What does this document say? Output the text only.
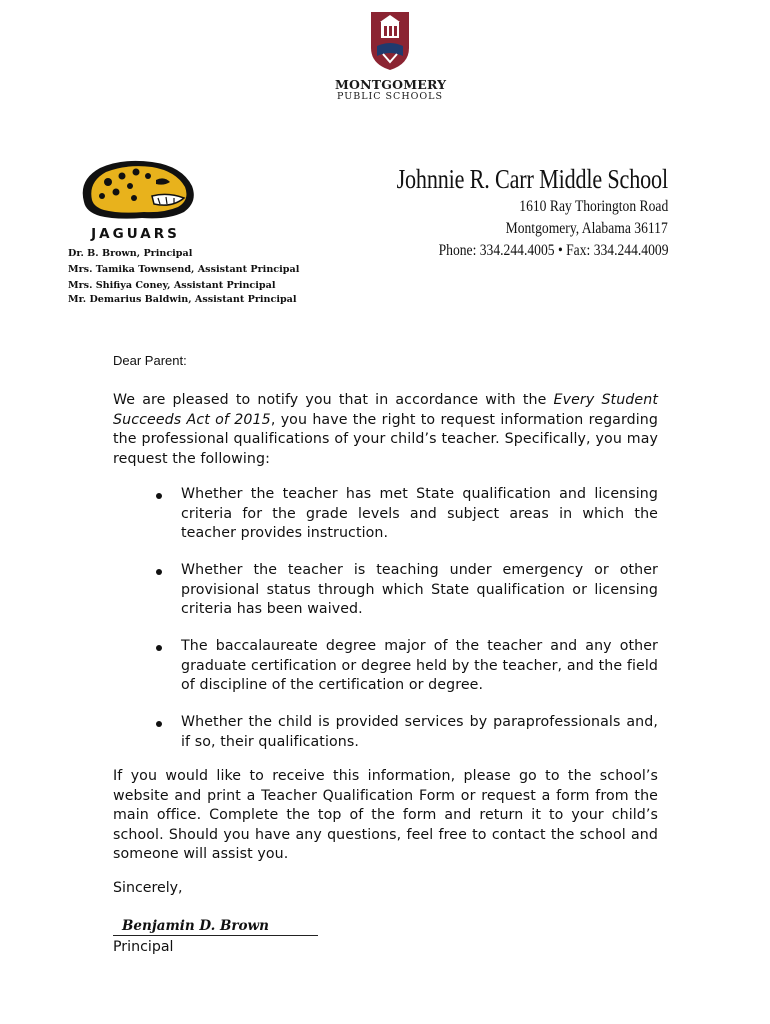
MONTGOMERY
PUBLIC SCHOOLS
JAGUARS
Dr. B. Brown, Principal
Mrs. Tamika Townsend, Assistant Principal
Mrs. Shifiya Coney, Assistant Principal
Mr. Demarius Baldwin, Assistant Principal
Johnnie R. Carr Middle School
1610 Ray Thorington Road
Montgomery, Alabama 36117
Phone: 334.244.4005 • Fax: 334.244.4009
Dear Parent:
We are pleased to notify you that in accordance with the Every Student Succeeds Act of 2015, you have the right to request information regarding the professional qualifications of your child’s teacher. Specifically, you may request the following:
Whether the teacher has met State qualification and licensing criteria for the grade levels and subject areas in which the teacher provides instruction.
Whether the teacher is teaching under emergency or other provisional status through which State qualification or licensing criteria has been waived.
The baccalaureate degree major of the teacher and any other graduate certification or degree held by the teacher, and the field of discipline of the certification or degree.
Whether the child is provided services by paraprofessionals and, if so, their qualifications.
If you would like to receive this information, please go to the school’s website and print a Teacher Qualification Form or request a form from the main office. Complete the top of the form and return it to your child’s school. Should you have any questions, feel free to contact the school and someone will assist you.
Sincerely,
Benjamin D. Brown
Principal
